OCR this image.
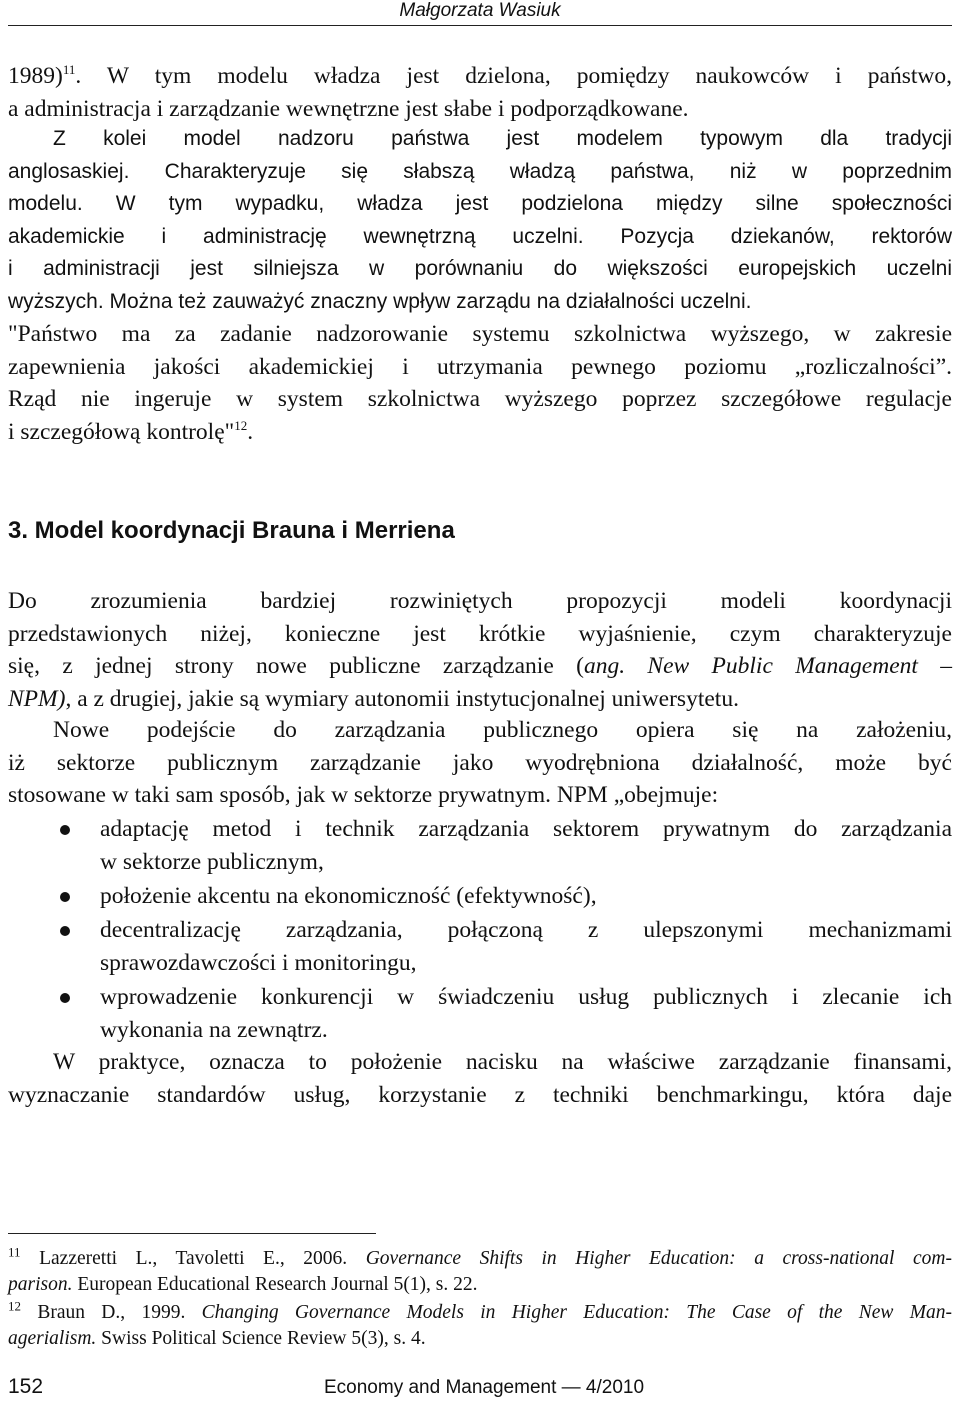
Małgorzata Wasiuk
1989)$^{11}$. W tym modelu władza jest dzielona, pomiędzy naukowców i państwo,
a administracja i zarządzanie wewnętrzne jest słabe i podporządkowane.
Z kolei model nadzoru państwa jest modelem typowym dla tradycji
anglosaskiej. Charakteryzuje się słabszą władzą państwa, niż w poprzednim
modelu. W tym wypadku, władza jest podzielona między silne społeczności
akademickie i administrację wewnętrzną uczelni. Pozycja dziekanów, rektorów
i administracji jest silniejsza w porównaniu do większości europejskich uczelni
wyższych. Można też zauważyć znaczny wpływ zarządu na działalności uczelni.
"Państwo ma za zadanie nadzorowanie systemu szkolnictwa wyższego, w zakresie
zapewnienia jakości akademickiej i utrzymania pewnego poziomu „rozliczalności”.
Rząd nie ingeruje w system szkolnictwa wyższego poprzez szczegółowe regulacje
i szczegółową kontrolę"$^{12}$.
3. Model koordynacji Brauna i Merriena
Do zrozumienia bardziej rozwiniętych propozycji modeli koordynacji
przedstawionych niżej, konieczne jest krótkie wyjaśnienie, czym charakteryzuje
się, z jednej strony nowe publiczne zarządzanie (ang. New Public Management –
NPM), a z drugiej, jakie są wymiary autonomii instytucjonalnej uniwersytetu.
Nowe podejście do zarządzania publicznego opiera się na założeniu,
iż sektorze publicznym zarządzanie jako wyodrębniona działalność, może być
stosowane w taki sam sposób, jak w sektorze prywatnym. NPM „obejmuje:
adaptację metod i technik zarządzania sektorem prywatnym do zarządzania
w sektorze publicznym,
położenie akcentu na ekonomiczność (efektywność),
decentralizację zarządzania, połączoną z ulepszonymi mechanizmami
sprawozdawczości i monitoringu,
wprowadzenie konkurencji w świadczeniu usług publicznych i zlecanie ich
wykonania na zewnątrz.
W praktyce, oznacza to położenie nacisku na właściwe zarządzanie finansami,
wyznaczanie standardów usług, korzystanie z techniki benchmarkingu, która daje
$^{11}$ Lazzeretti L., Tavoletti E., 2006. Governance Shifts in Higher Education: a cross-national com-
parison. European Educational Research Journal 5(1), s. 22.
$^{12}$ Braun D., 1999. Changing Governance Models in Higher Education: The Case of the New Man-
agerialism. Swiss Political Science Review 5(3), s. 4.
152	Economy and Management — 4/2010
